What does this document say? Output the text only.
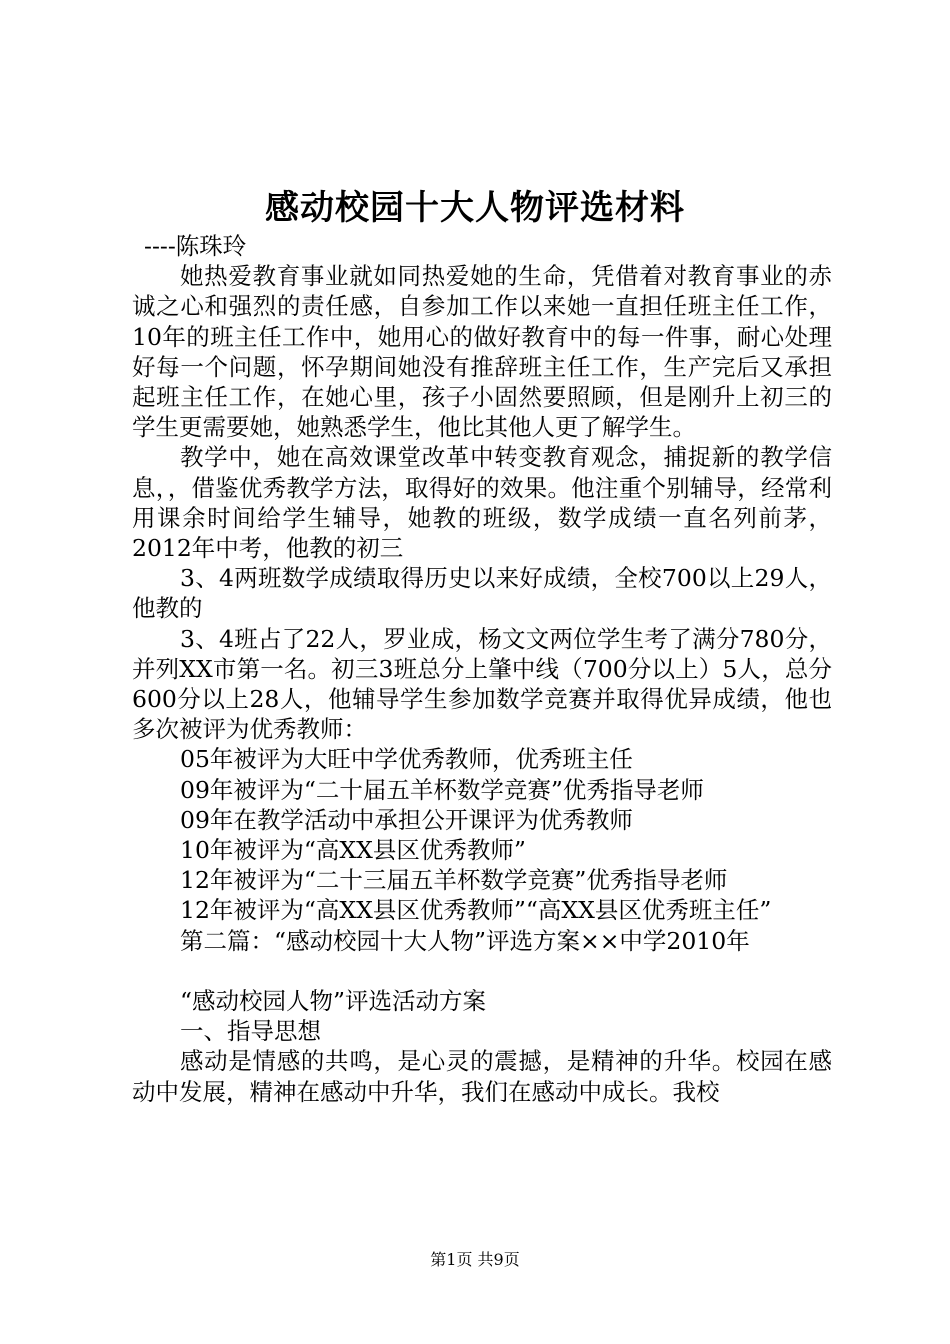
感动校园十大人物评选材料

----陈珠玲

她热爱教育事业就如同热爱她的生命，凭借着对教育事业的赤诚之心和强烈的责任感，自参加工作以来她一直担任班主任工作，10年的班主任工作中，她用心的做好教育中的每一件事，耐心处理好每一个问题，怀孕期间她没有推辞班主任工作，生产完后又承担起班主任工作，在她心里，孩子小固然要照顾，但是刚升上初三的学生更需要她，她熟悉学生，他比其他人更了解学生。

教学中，她在高效课堂改革中转变教育观念，捕捉新的教学信息，，借鉴优秀教学方法，取得好的效果。他注重个别辅导，经常利用课余时间给学生辅导，她教的班级，数学成绩一直名列前茅，2012年中考，他教的初三

3、4两班数学成绩取得历史以来好成绩，全校700以上29人，他教的

3、4班占了22人，罗业成，杨文文两位学生考了满分780分，并列XX市第一名。初三3班总分上肇中线（700分以上）5人，总分600分以上28人，他辅导学生参加数学竞赛并取得优异成绩，他也多次被评为优秀教师：

05年被评为大旺中学优秀教师，优秀班主任

09年被评为“二十届五羊杯数学竞赛”优秀指导老师

09年在教学活动中承担公开课评为优秀教师

10年被评为“高XX县区优秀教师”

12年被评为“二十三届五羊杯数学竞赛”优秀指导老师

12年被评为“高XX县区优秀教师”“高XX县区优秀班主任”

第二篇：“感动校园十大人物”评选方案××中学2010年

“感动校园人物”评选活动方案

一、指导思想

感动是情感的共鸣，是心灵的震撼，是精神的升华。校园在感动中发展，精神在感动中升华，我们在感动中成长。我校

第1页 共9页
